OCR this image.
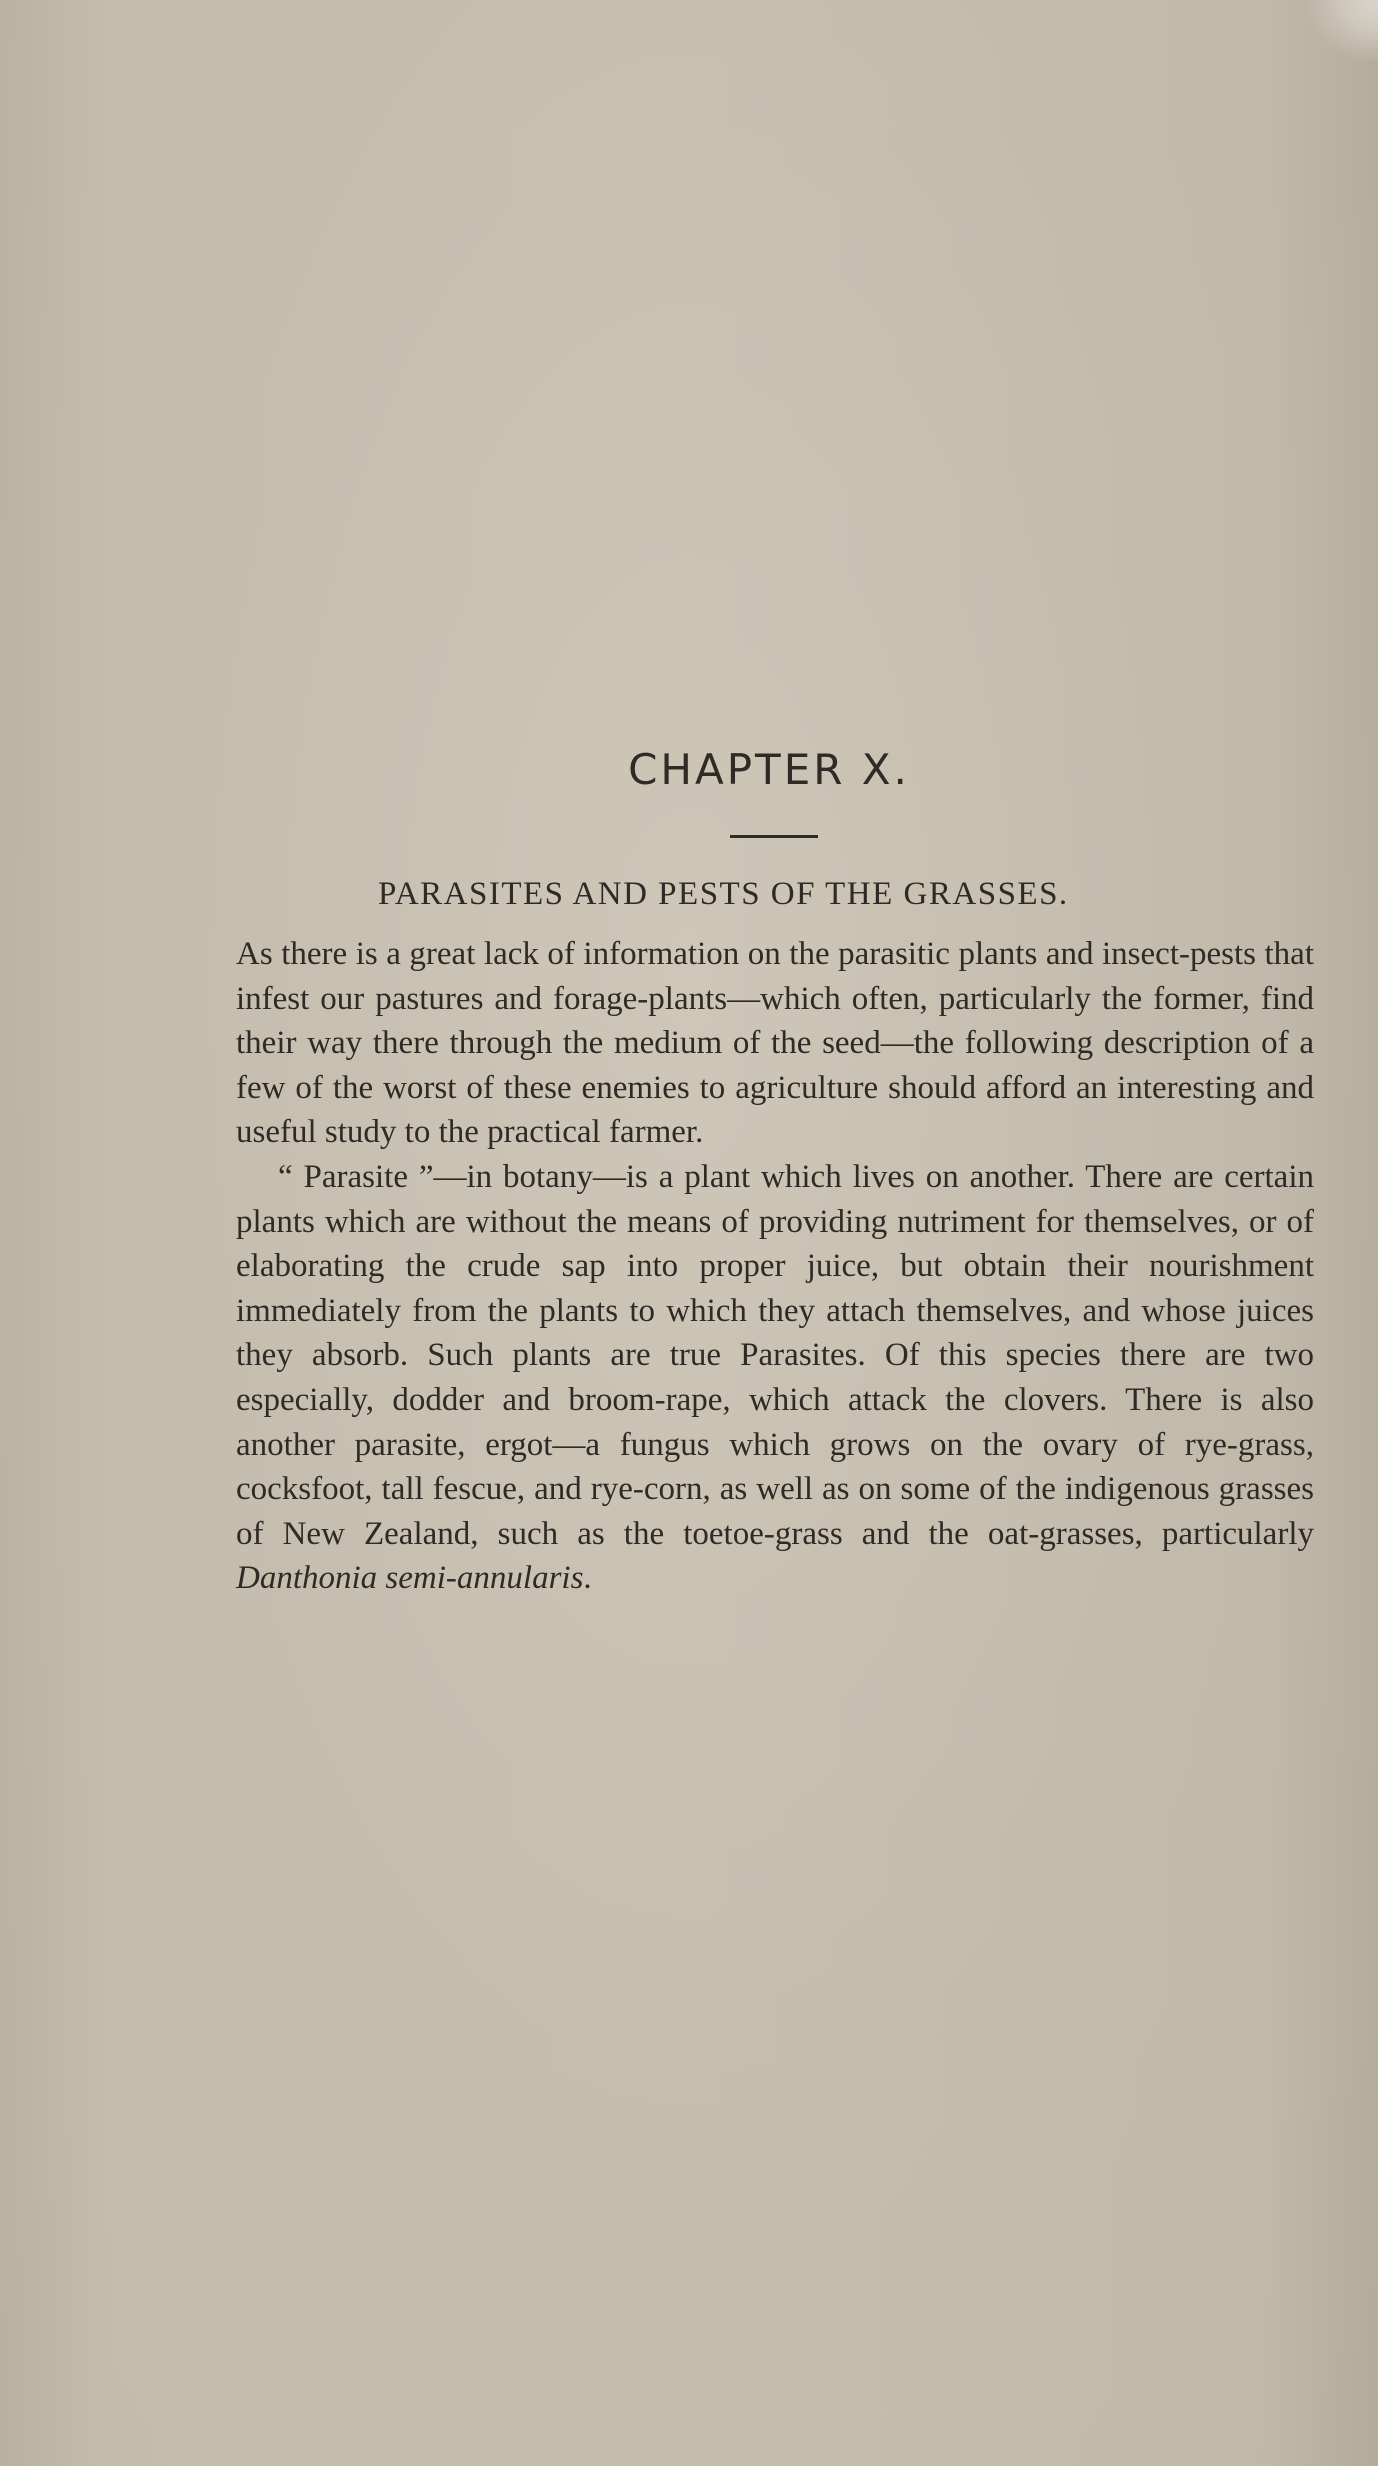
CHAPTER X.
PARASITES AND PESTS OF THE GRASSES.

As there is a great lack of information on the parasitic plants and insect-pests that infest our pastures and forage-plants—which often, particularly the former, find their way there through the medium of the seed—the following description of a few of the worst of these enemies to agriculture should afford an interesting and useful study to the practical farmer.

“ Parasite ”—in botany—is a plant which lives on another. There are certain plants which are without the means of providing nutriment for themselves, or of elaborating the crude sap into proper juice, but obtain their nourishment immediately from the plants to which they attach themselves, and whose juices they absorb. Such plants are true Parasites. Of this species there are two especially, dodder and broom-rape, which attack the clovers. There is also another parasite, ergot—a fungus which grows on the ovary of rye-grass, cocksfoot, tall fescue, and rye-corn, as well as on some of the indigenous grasses of New Zealand, such as the toetoe-grass and the oat-grasses, particularly Danthonia semi-annularis.
